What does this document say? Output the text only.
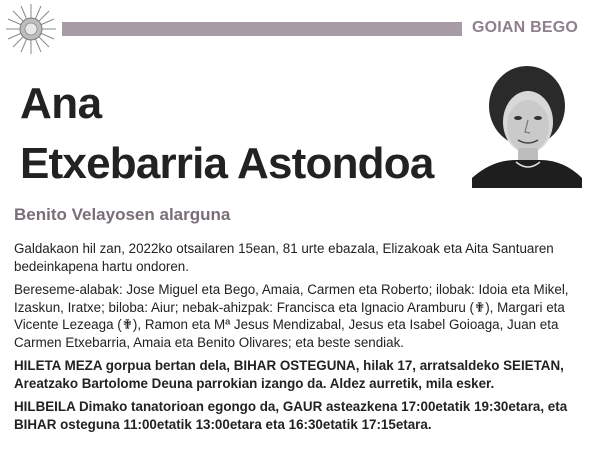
GOIAN BEGO
Ana
Etxebarria Astondoa
Benito Velayosen alarguna

Galdakaon hil zan, 2022ko otsailaren 15ean, 81 urte ebazala, Elizakoak eta Aita Santuaren bedeinkapena hartu ondoren.

Bereseme-alabak: Jose Miguel eta Bego, Amaia, Carmen eta Roberto; ilobak: Idoia eta Mikel, Izaskun, Iratxe; biloba: Aiur; nebak-ahizpak: Francisca eta Ignacio Aramburu (✟), Margari eta Vicente Lezeaga (✟), Ramon eta Mª Jesus Mendizabal, Jesus eta Isabel Goioaga, Juan eta Carmen Etxebarria, Amaia eta Benito Olivares; eta beste sendiak.

HILETA MEZA gorpua bertan dela, BIHAR OSTEGUNA, hilak 17, arratsaldeko SEIETAN, Areatzako Bartolome Deuna parrokian izango da. Aldez aurretik, mila esker.

HILBEILA Dimako tanatorioan egongo da, GAUR asteazkena 17:00etatik 19:30etara, eta BIHAR osteguna 11:00etatik 13:00etara eta 16:30etatik 17:15etara.
